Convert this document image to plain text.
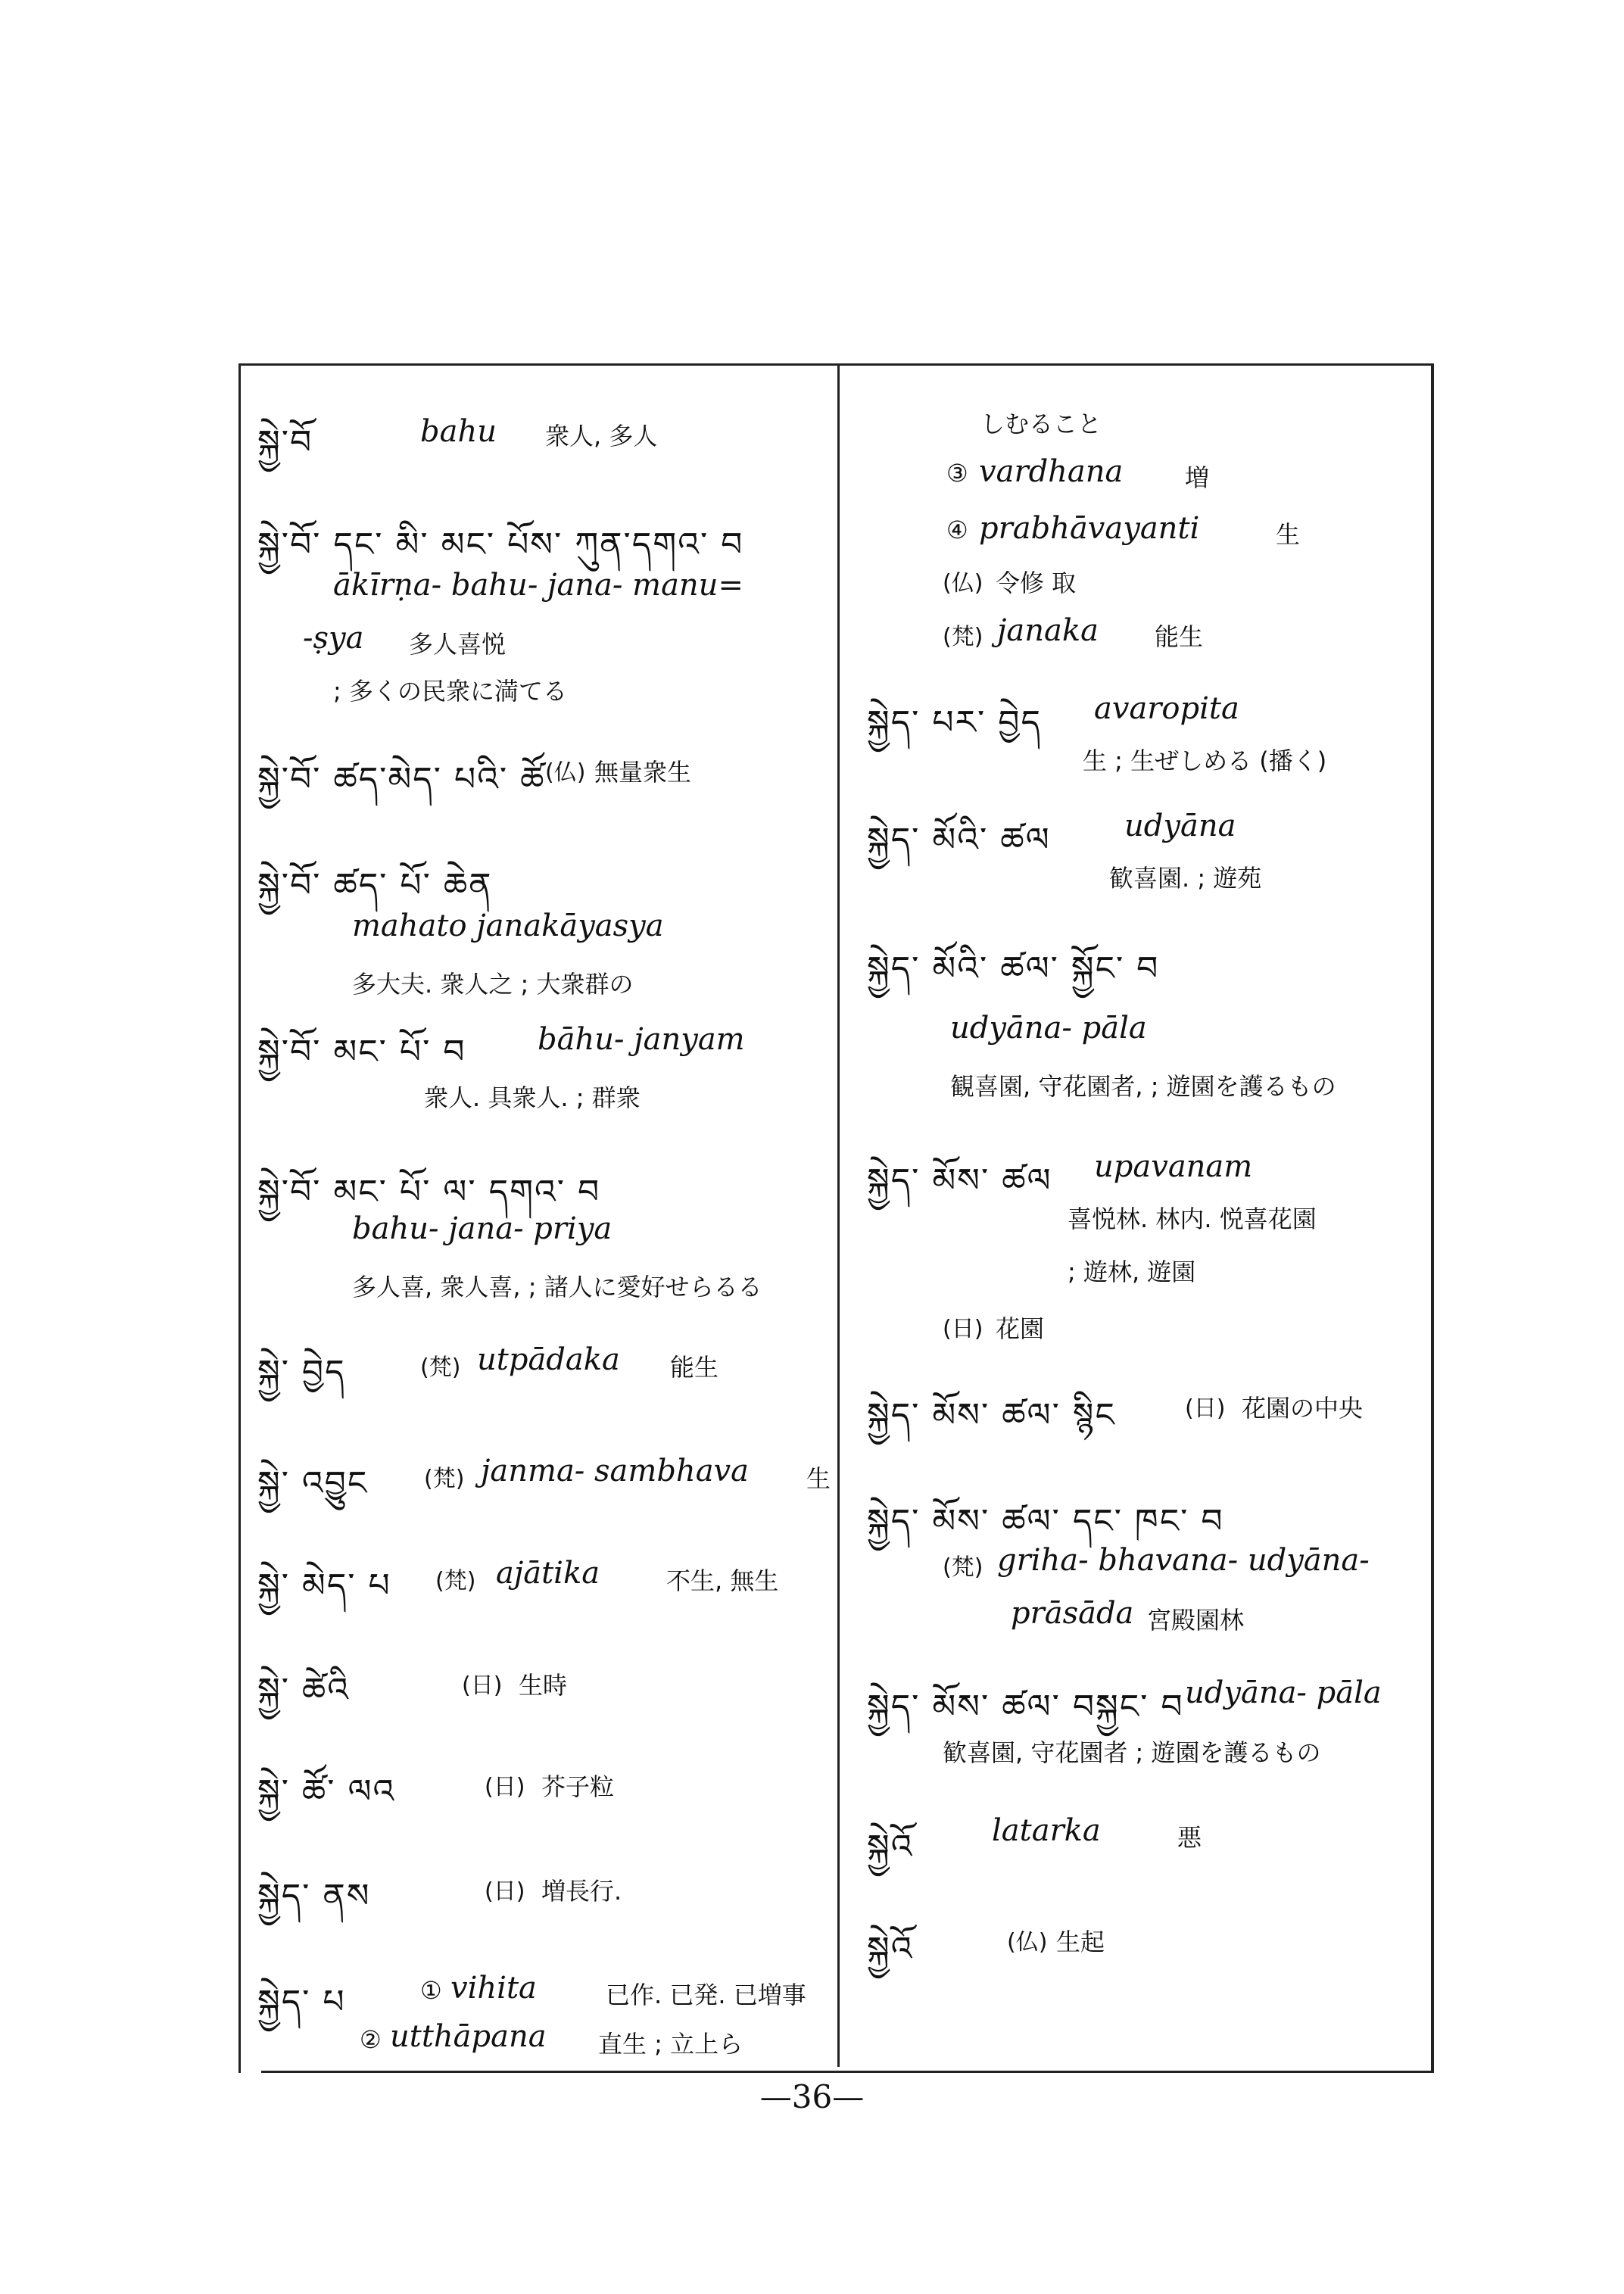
སྐྱེ་བོ	bahu 衆人, 多人
སྐྱེ་བོ་ དང་ མི་ མང་ པོས་ ཀུན་དགའ་ བ
ākīrṇa- bahu- jana- manu=
-ṣya 多人喜悦
; 多くの民衆に満てる
སྐྱེ་བོ་ ཚད་མེད་ པའི་ ཚོ (仏) 無量衆生
སྐྱེ་བོ་ ཚད་ པོ་ ཆེན
mahato janakāyasya
多大夫. 衆人之 ; 大衆群の
སྐྱེ་བོ་ མང་ པོ་ བ bāhu- janyam
衆人. 具衆人. ; 群衆
སྐྱེ་བོ་ མང་ པོ་ ལ་ དགའ་ བ
bahu- jana- priya
多人喜, 衆人喜, ; 諸人に愛好せらるる
སྐྱེ་ བྱེད	(梵) utpādaka 能生
སྐྱེ་ འབྱུང (梵) janma- sambhava 生
སྐྱེ་ མེད་ པ (梵) ajātika	不生, 無生
སྐྱེ་ ཚེའི	(日) 生時
སྐྱེ་ ཚོ་ ལའ	(日) 芥子粒
སྐྱེད་ ནས	(日) 増長行.
སྐྱེད་ པ	① vihita	已作. 已発. 已増事
② utthāpana 直生 ; 立上ら
しむること
③ vardhana	増
④ prabhāvayanti	生
(仏) 令修 取
(梵) janaka 能生
སྐྱེད་ པར་ བྱེད avaropita
生 ; 生ぜしめる (播く)
སྐྱེད་ མོའི་ ཚལ udyāna
歓喜園. ; 遊苑
སྐྱེད་ མོའི་ ཚལ་ སྐྱོང་ བ
udyāna- pāla
観喜園, 守花園者, ; 遊園を護るもの
སྐྱེད་ མོས་ ཚལ upavanam
喜悦林. 林内. 悦喜花園
; 遊林, 遊園
(日) 花園
སྐྱེད་ མོས་ ཚལ་ སྙིང	(日) 花園の中央
སྐྱེད་ མོས་ ཚལ་ དང་ ཁང་ བ
(梵) griha- bhavana- udyāna-
prāsāda 宮殿園林
སྐྱེད་ མོས་ ཚལ་ བསྐྱང་ བ udyāna- pāla
歓喜園, 守花園者 ; 遊園を護るもの
སྐྱེའོ	latarka	悪
སྐྱེའོ	(仏) 生起
—36—
